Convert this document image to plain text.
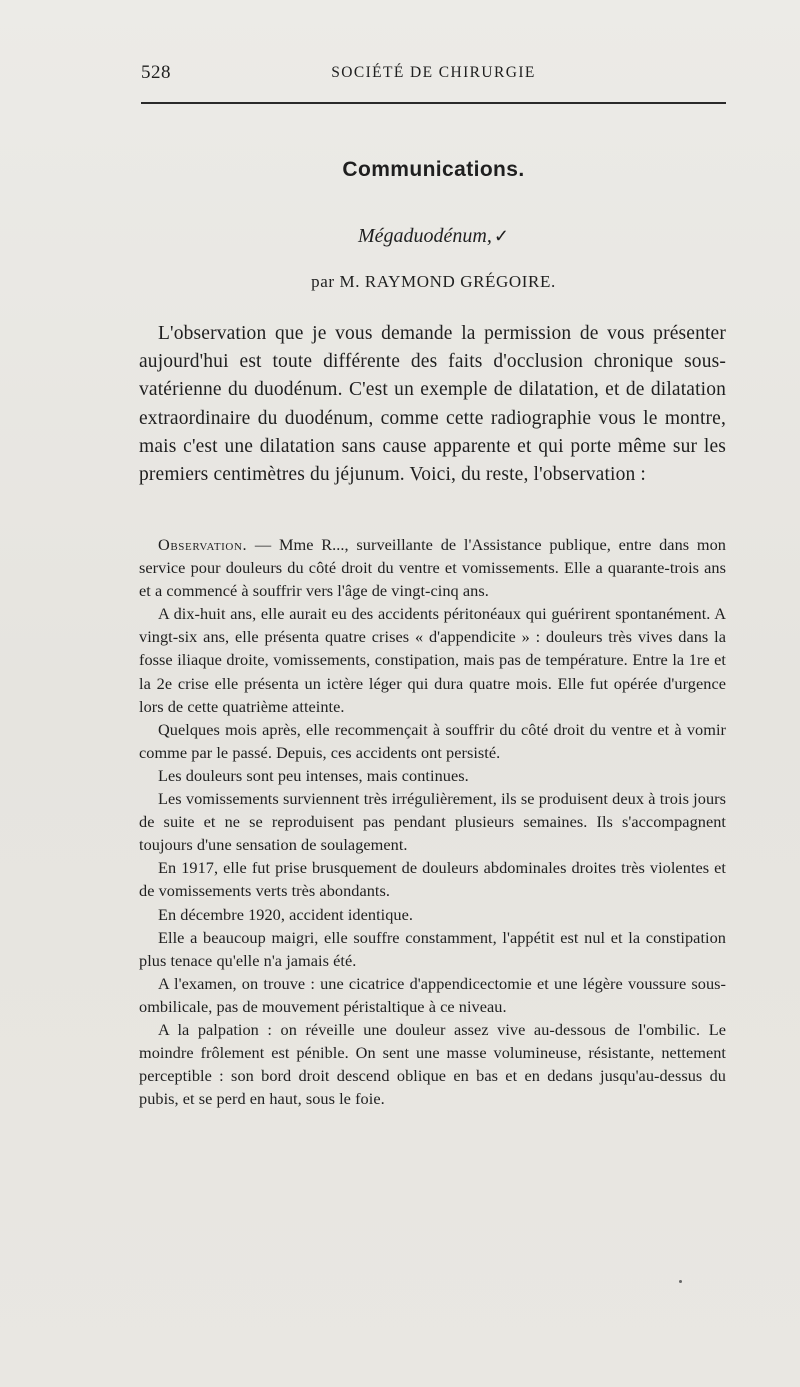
528	SOCIÉTÉ DE CHIRURGIE
Communications.
Mégaduodénum, ✓
par M. RAYMOND GRÉGOIRE.

L'observation que je vous demande la permission de vous présenter aujourd'hui est toute différente des faits d'occlusion chronique sous-vatérienne du duodénum. C'est un exemple de dilatation, et de dilatation extraordinaire du duodénum, comme cette radiographie vous le montre, mais c'est une dilatation sans cause apparente et qui porte même sur les premiers centimètres du jéjunum. Voici, du reste, l'observation :

Observation. — Mme R..., surveillante de l'Assistance publique, entre dans mon service pour douleurs du côté droit du ventre et vomissements. Elle a quarante-trois ans et a commencé à souffrir vers l'âge de vingt-cinq ans.

A dix-huit ans, elle aurait eu des accidents péritonéaux qui guérirent spontanément. A vingt-six ans, elle présenta quatre crises « d'appendicite » : douleurs très vives dans la fosse iliaque droite, vomissements, constipation, mais pas de température. Entre la 1re et la 2e crise elle présenta un ictère léger qui dura quatre mois. Elle fut opérée d'urgence lors de cette quatrième atteinte.

Quelques mois après, elle recommençait à souffrir du côté droit du ventre et à vomir comme par le passé. Depuis, ces accidents ont persisté.

Les douleurs sont peu intenses, mais continues.

Les vomissements surviennent très irrégulièrement, ils se produisent deux à trois jours de suite et ne se reproduisent pas pendant plusieurs semaines. Ils s'accompagnent toujours d'une sensation de soulagement.

En 1917, elle fut prise brusquement de douleurs abdominales droites très violentes et de vomissements verts très abondants.

En décembre 1920, accident identique.

Elle a beaucoup maigri, elle souffre constamment, l'appétit est nul et la constipation plus tenace qu'elle n'a jamais été.

A l'examen, on trouve : une cicatrice d'appendicectomie et une légère voussure sous-ombilicale, pas de mouvement péristaltique à ce niveau.

A la palpation : on réveille une douleur assez vive au-dessous de l'ombilic. Le moindre frôlement est pénible. On sent une masse volumineuse, résistante, nettement perceptible : son bord droit descend oblique en bas et en dedans jusqu'au-dessus du pubis, et se perd en haut, sous le foie.
